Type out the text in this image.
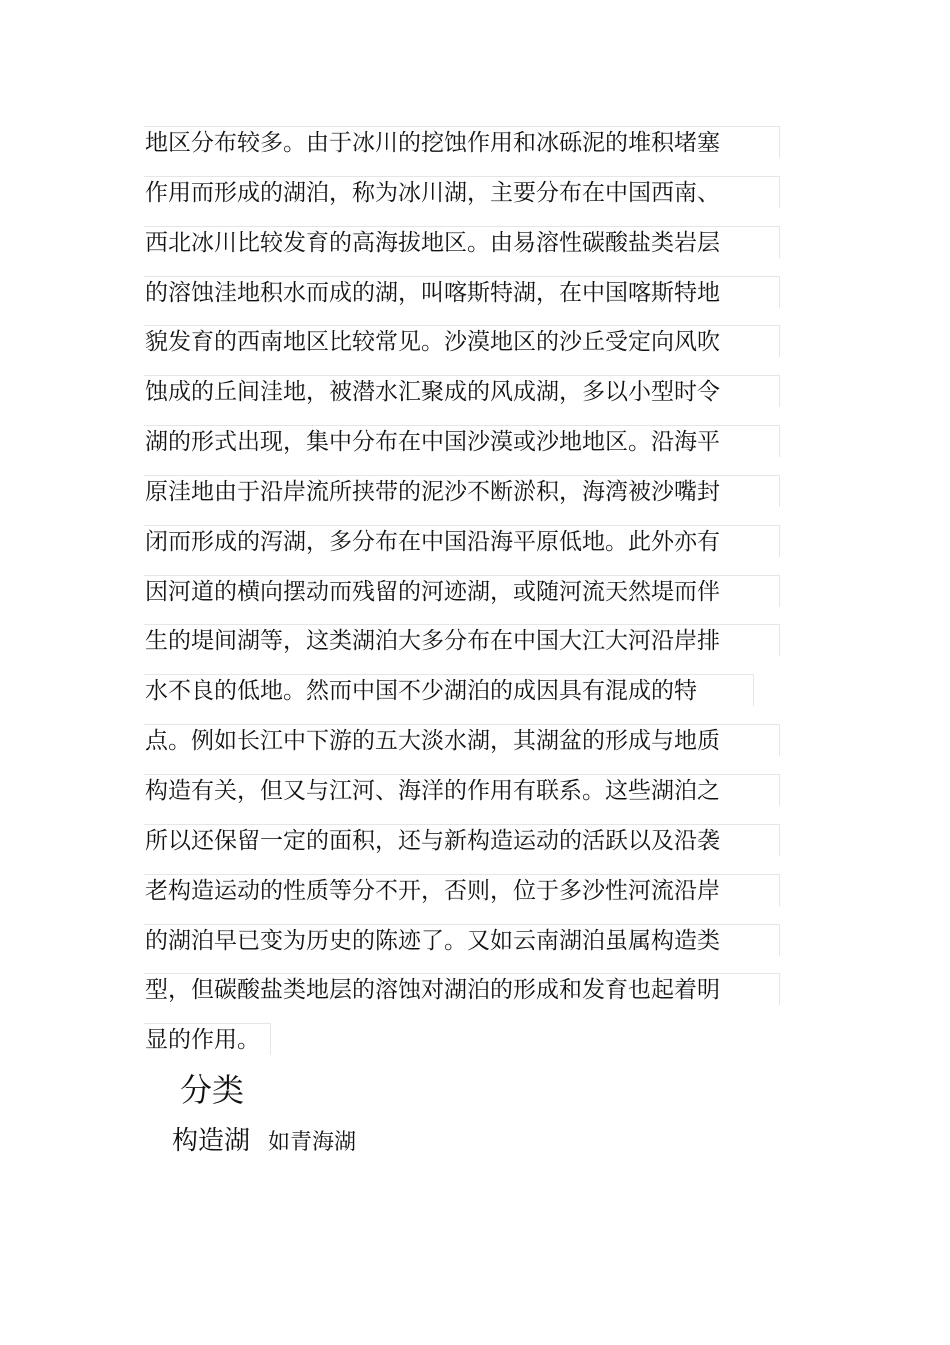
地区分布较多。由于冰川的挖蚀作用和冰砾泥的堆积堵塞
作用而形成的湖泊，称为冰川湖，主要分布在中国西南、
西北冰川比较发育的高海拔地区。由易溶性碳酸盐类岩层
的溶蚀洼地积水而成的湖，叫喀斯特湖，在中国喀斯特地
貌发育的西南地区比较常见。沙漠地区的沙丘受定向风吹
蚀成的丘间洼地，被潜水汇聚成的风成湖，多以小型时令
湖的形式出现，集中分布在中国沙漠或沙地地区。沿海平
原洼地由于沿岸流所挟带的泥沙不断淤积，海湾被沙嘴封
闭而形成的泻湖，多分布在中国沿海平原低地。此外亦有
因河道的横向摆动而残留的河迹湖，或随河流天然堤而伴
生的堤间湖等，这类湖泊大多分布在中国大江大河沿岸排
水不良的低地。然而中国不少湖泊的成因具有混成的特
点。例如长江中下游的五大淡水湖，其湖盆的形成与地质
构造有关，但又与江河、海洋的作用有联系。这些湖泊之
所以还保留一定的面积，还与新构造运动的活跃以及沿袭
老构造运动的性质等分不开，否则，位于多沙性河流沿岸
的湖泊早已变为历史的陈迹了。又如云南湖泊虽属构造类
型，但碳酸盐类地层的溶蚀对湖泊的形成和发育也起着明
显的作用。
分类
构造湖 如青海湖
